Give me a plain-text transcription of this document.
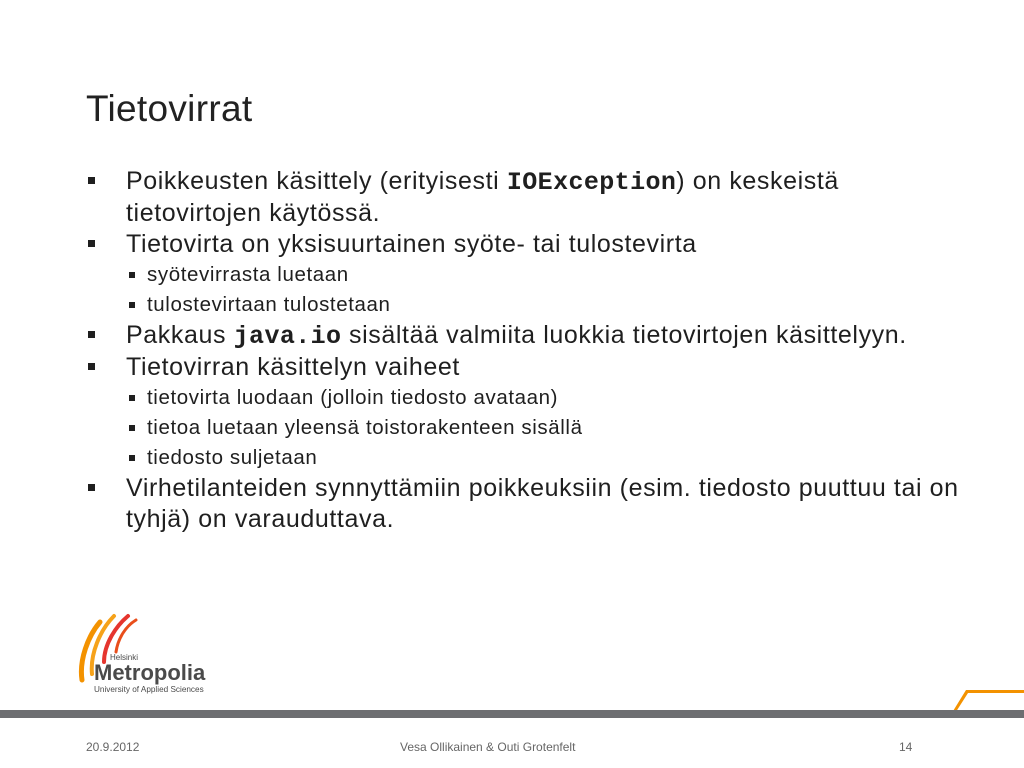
Tietovirrat
Poikkeusten käsittely (erityisesti IOException) on keskeistä tietovirtojen käytössä.
Tietovirta on yksisuurtainen syöte- tai tulostevirta
syötevirrasta luetaan
tulostevirtaan tulostetaan
Pakkaus java.io sisältää valmiita luokkia tietovirtojen käsittelyyn.
Tietovirran käsittelyn vaiheet
tietovirta luodaan (jolloin tiedosto avataan)
tietoa luetaan yleensä toistorakenteen sisällä
tiedosto suljetaan
Virhetilanteiden synnyttämiin poikkeuksiin (esim. tiedosto puuttuu tai on tyhjä) on varauduttava.
Helsinki
Metropolia
University of Applied Sciences
20.9.2012	Vesa Ollikainen & Outi Grotenfelt	14
